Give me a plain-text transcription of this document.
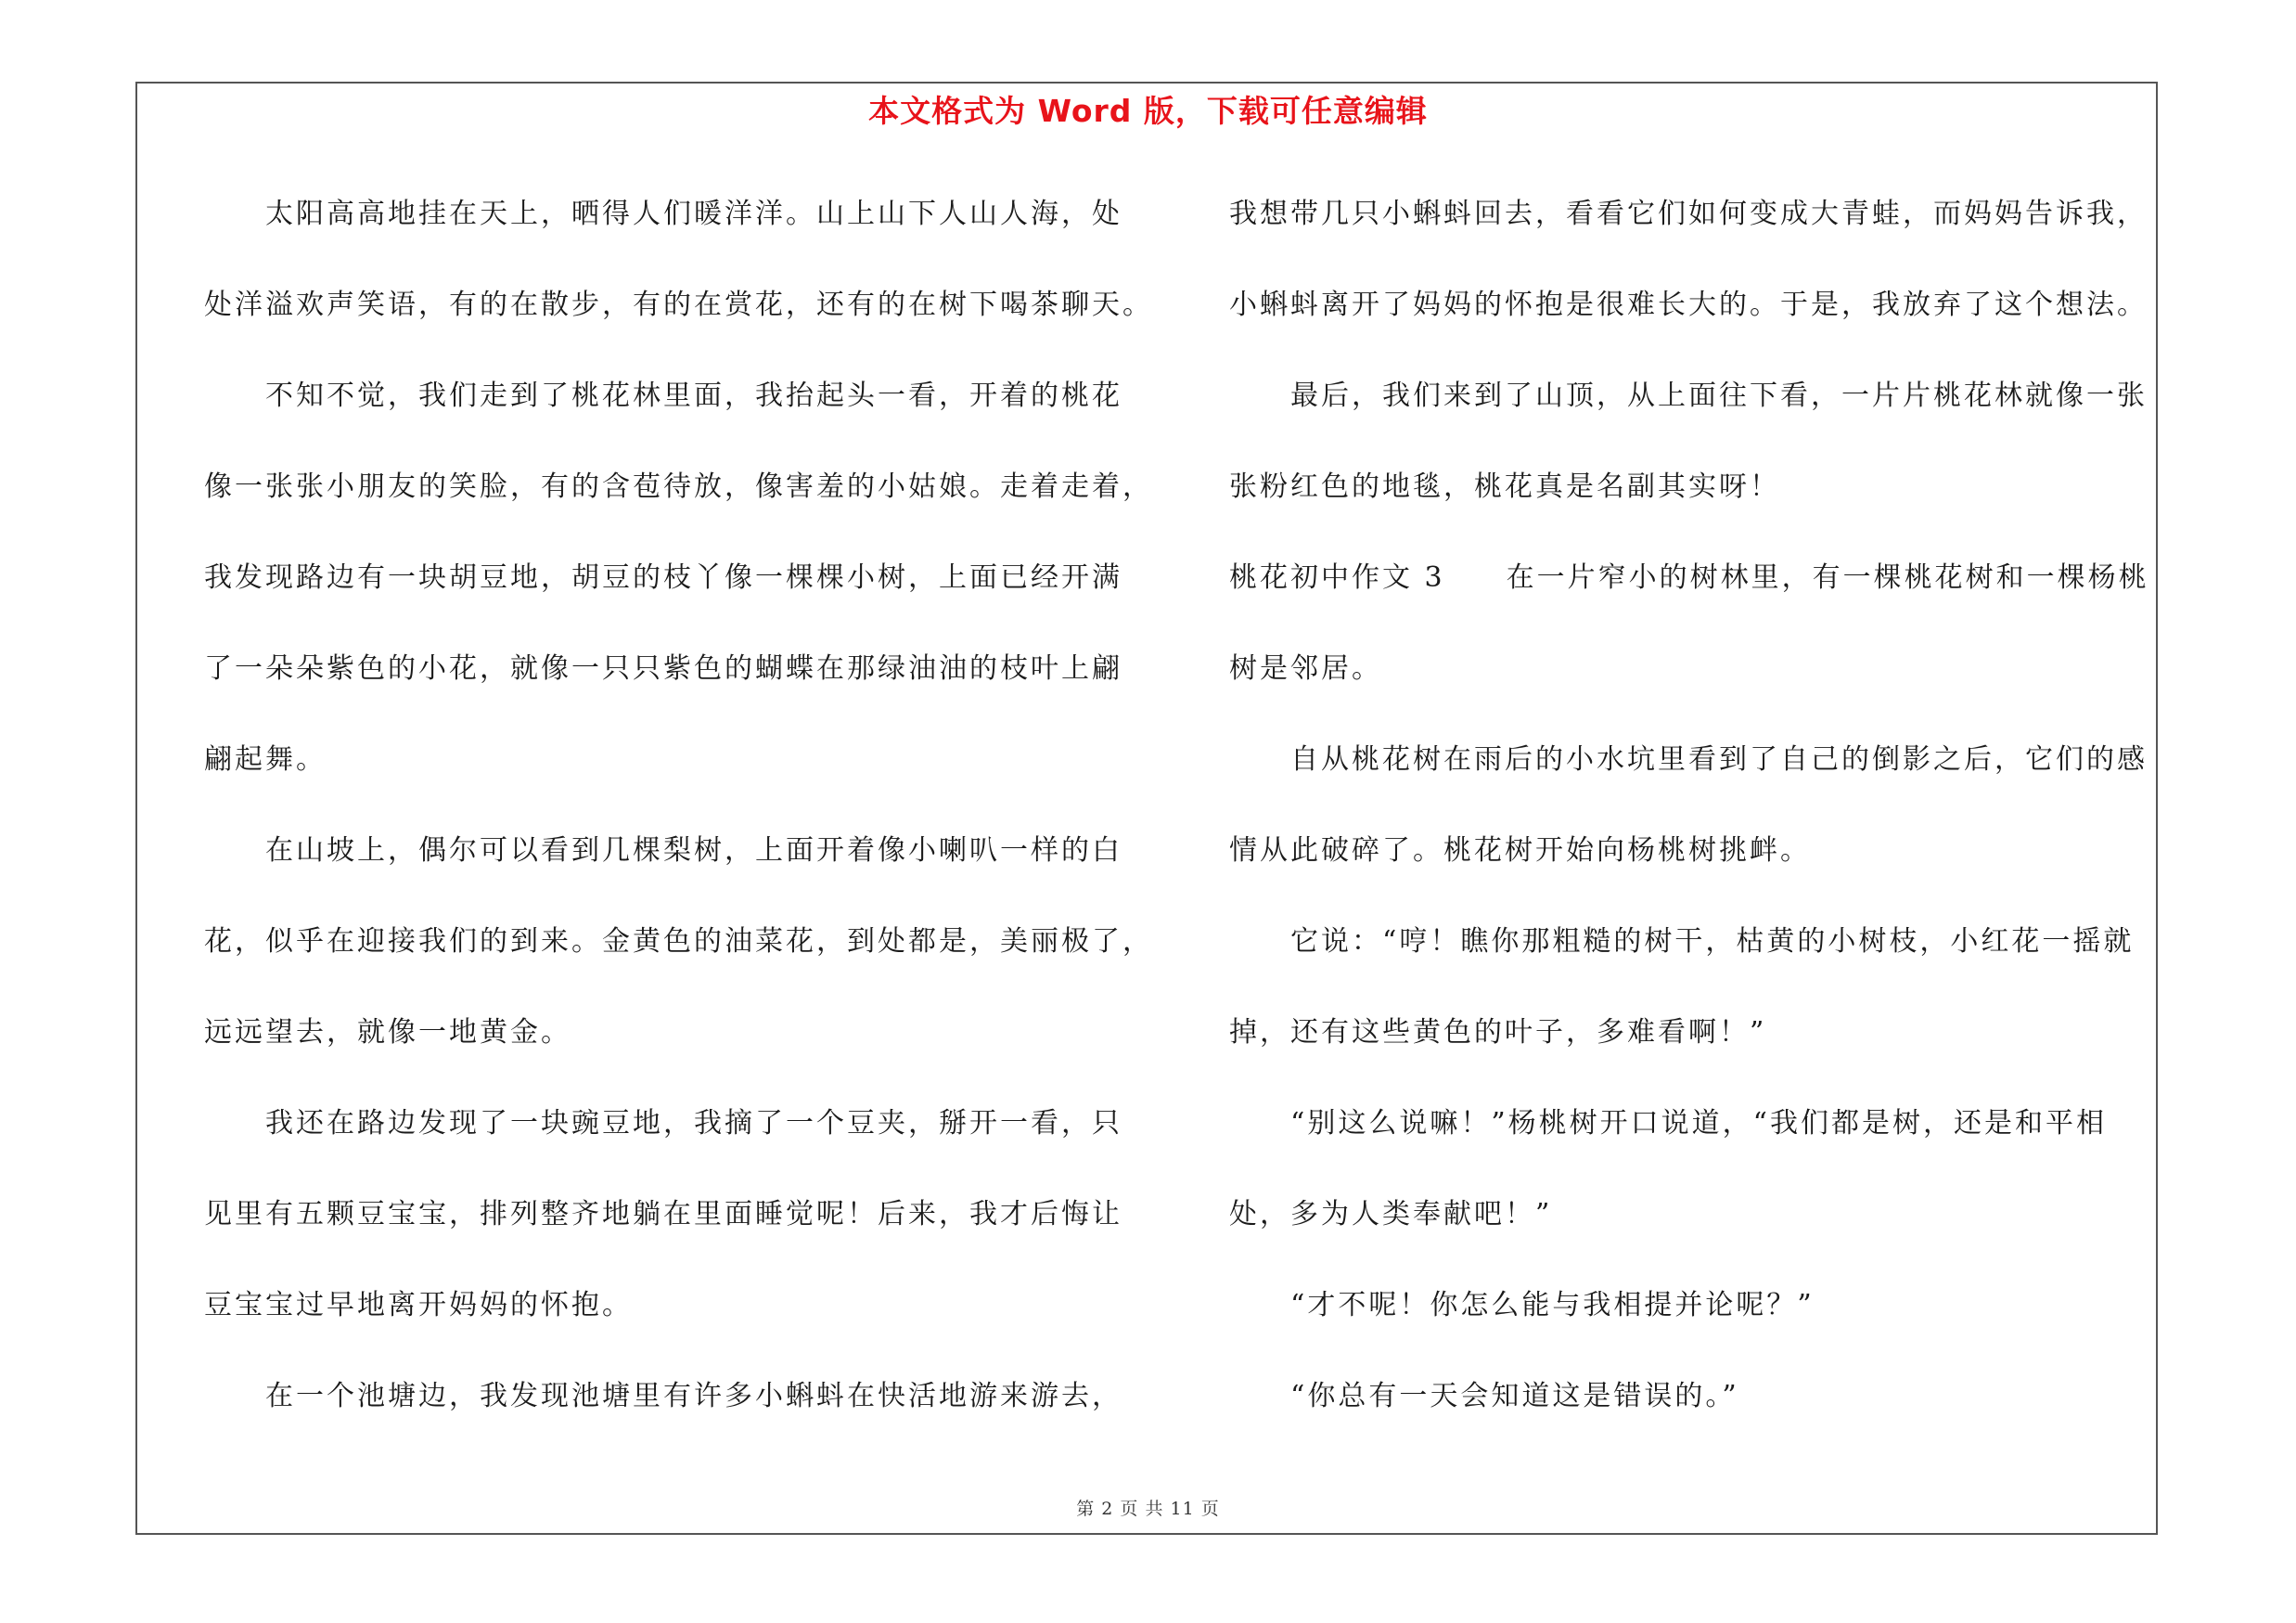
本文格式为 Word 版，下载可任意编辑
　　太阳高高地挂在天上，晒得人们暖洋洋。山上山下人山人海，处
处洋溢欢声笑语，有的在散步，有的在赏花，还有的在树下喝茶聊天。
　　不知不觉，我们走到了桃花林里面，我抬起头一看，开着的桃花
像一张张小朋友的笑脸，有的含苞待放，像害羞的小姑娘。走着走着，
我发现路边有一块胡豆地，胡豆的枝丫像一棵棵小树，上面已经开满
了一朵朵紫色的小花，就像一只只紫色的蝴蝶在那绿油油的枝叶上翩
翩起舞。
　　在山坡上，偶尔可以看到几棵梨树，上面开着像小喇叭一样的白
花，似乎在迎接我们的到来。金黄色的油菜花，到处都是，美丽极了，
远远望去，就像一地黄金。
　　我还在路边发现了一块豌豆地，我摘了一个豆夹，掰开一看，只
见里有五颗豆宝宝，排列整齐地躺在里面睡觉呢！后来，我才后悔让
豆宝宝过早地离开妈妈的怀抱。
　　在一个池塘边，我发现池塘里有许多小蝌蚪在快活地游来游去，
我想带几只小蝌蚪回去，看看它们如何变成大青蛙，而妈妈告诉我，
小蝌蚪离开了妈妈的怀抱是很难长大的。于是，我放弃了这个想法。
　　最后，我们来到了山顶，从上面往下看，一片片桃花林就像一张
张粉红色的地毯，桃花真是名副其实呀！
桃花初中作文 3　　在一片窄小的树林里，有一棵桃花树和一棵杨桃
树是邻居。
　　自从桃花树在雨后的小水坑里看到了自己的倒影之后，它们的感
情从此破碎了。桃花树开始向杨桃树挑衅。
　　它说：“哼！瞧你那粗糙的树干，枯黄的小树枝，小红花一摇就
掉，还有这些黄色的叶子，多难看啊！”
　　“别这么说嘛！”杨桃树开口说道，“我们都是树，还是和平相
处，多为人类奉献吧！”
　　“才不呢！你怎么能与我相提并论呢？”
　　“你总有一天会知道这是错误的。”
第 2 页 共 11 页
